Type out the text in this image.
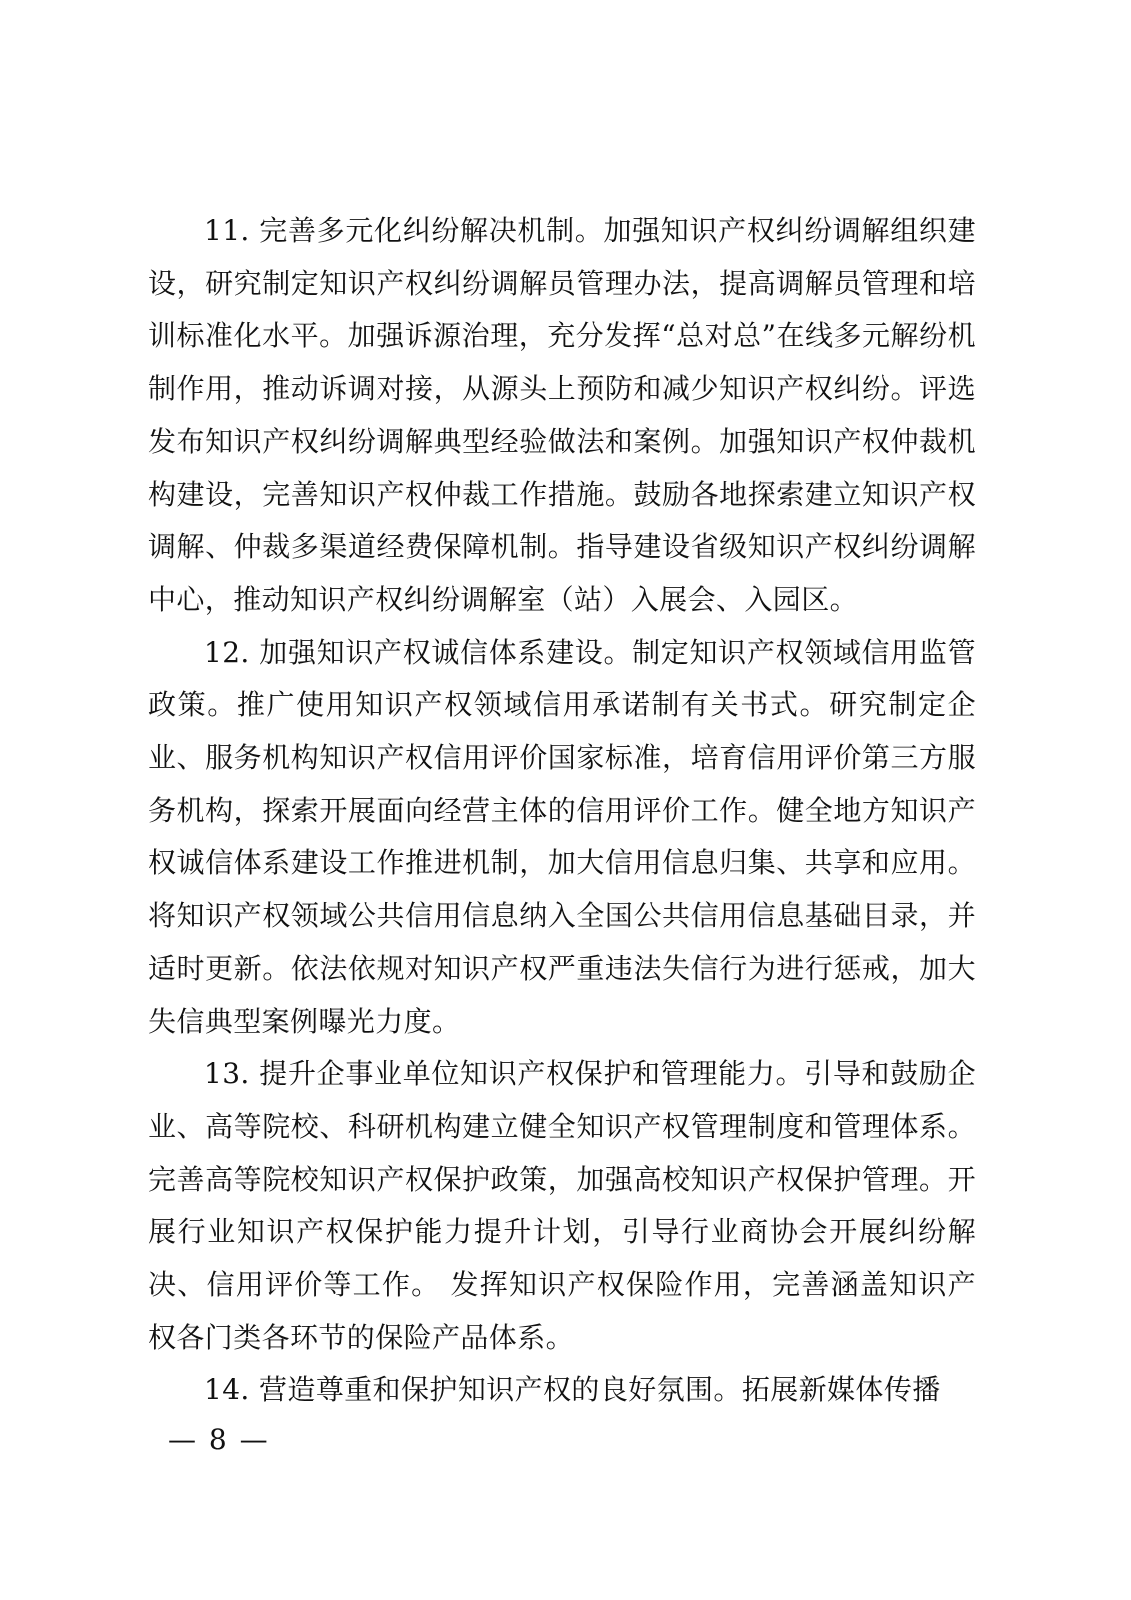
11. 完善多元化纠纷解决机制。加强知识产权纠纷调解组织建设，研究制定知识产权纠纷调解员管理办法，提高调解员管理和培训标准化水平。加强诉源治理，充分发挥“总对总”在线多元解纷机制作用，推动诉调对接，从源头上预防和减少知识产权纠纷。评选发布知识产权纠纷调解典型经验做法和案例。加强知识产权仲裁机构建设，完善知识产权仲裁工作措施。鼓励各地探索建立知识产权调解、仲裁多渠道经费保障机制。指导建设省级知识产权纠纷调解中心，推动知识产权纠纷调解室（站）入展会、入园区。

12. 加强知识产权诚信体系建设。制定知识产权领域信用监管政策。推广使用知识产权领域信用承诺制有关书式。研究制定企业、服务机构知识产权信用评价国家标准，培育信用评价第三方服务机构，探索开展面向经营主体的信用评价工作。健全地方知识产权诚信体系建设工作推进机制，加大信用信息归集、共享和应用。将知识产权领域公共信用信息纳入全国公共信用信息基础目录，并适时更新。依法依规对知识产权严重违法失信行为进行惩戒，加大失信典型案例曝光力度。

13. 提升企事业单位知识产权保护和管理能力。引导和鼓励企业、高等院校、科研机构建立健全知识产权管理制度和管理体系。完善高等院校知识产权保护政策，加强高校知识产权保护管理。开展行业知识产权保护能力提升计划，引导行业商协会开展纠纷解决、信用评价等工作。 发挥知识产权保险作用，完善涵盖知识产权各门类各环节的保险产品体系。

14. 营造尊重和保护知识产权的良好氛围。拓展新媒体传播

— 8 —
